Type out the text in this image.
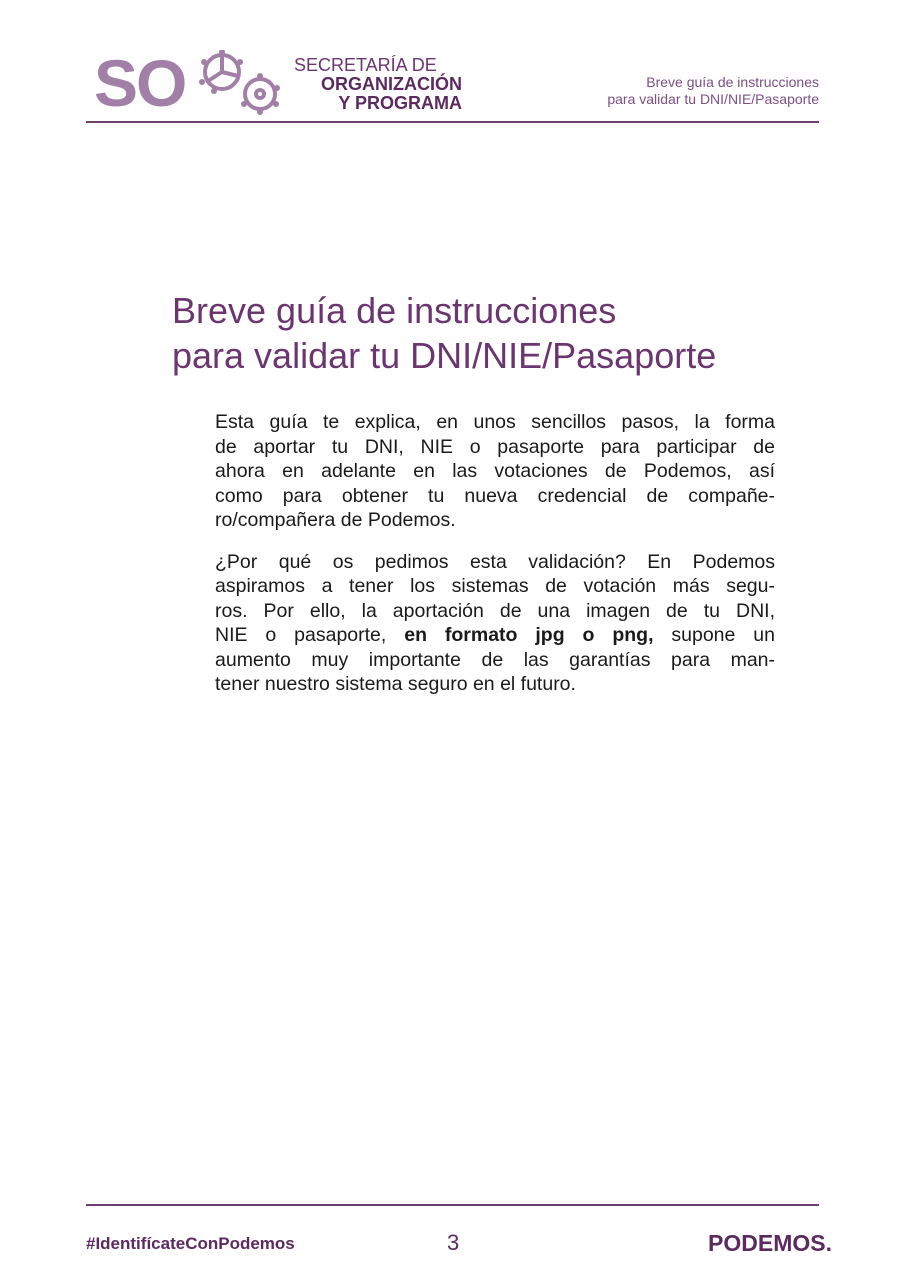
SO	SECRETARÍA DE
ORGANIZACIÓN
Y PROGRAMA
Breve guía de instrucciones
para validar tu DNI/NIE/Pasaporte
Breve guía de instrucciones
para validar tu DNI/NIE/Pasaporte
Esta guía te explica, en unos sencillos pasos, la forma
de aportar tu DNI, NIE o pasaporte para participar de
ahora en adelante en las votaciones de Podemos, así
como para obtener tu nueva credencial de compañe-
ro/compañera de Podemos.
¿Por qué os pedimos esta validación? En Podemos
aspiramos a tener los sistemas de votación más segu-
ros. Por ello, la aportación de una imagen de tu DNI,
NIE o pasaporte, en formato jpg o png, supone un
aumento muy importante de las garantías para man-
tener nuestro sistema seguro en el futuro.
#IdentifícateConPodemos	3	PODEMOS.
